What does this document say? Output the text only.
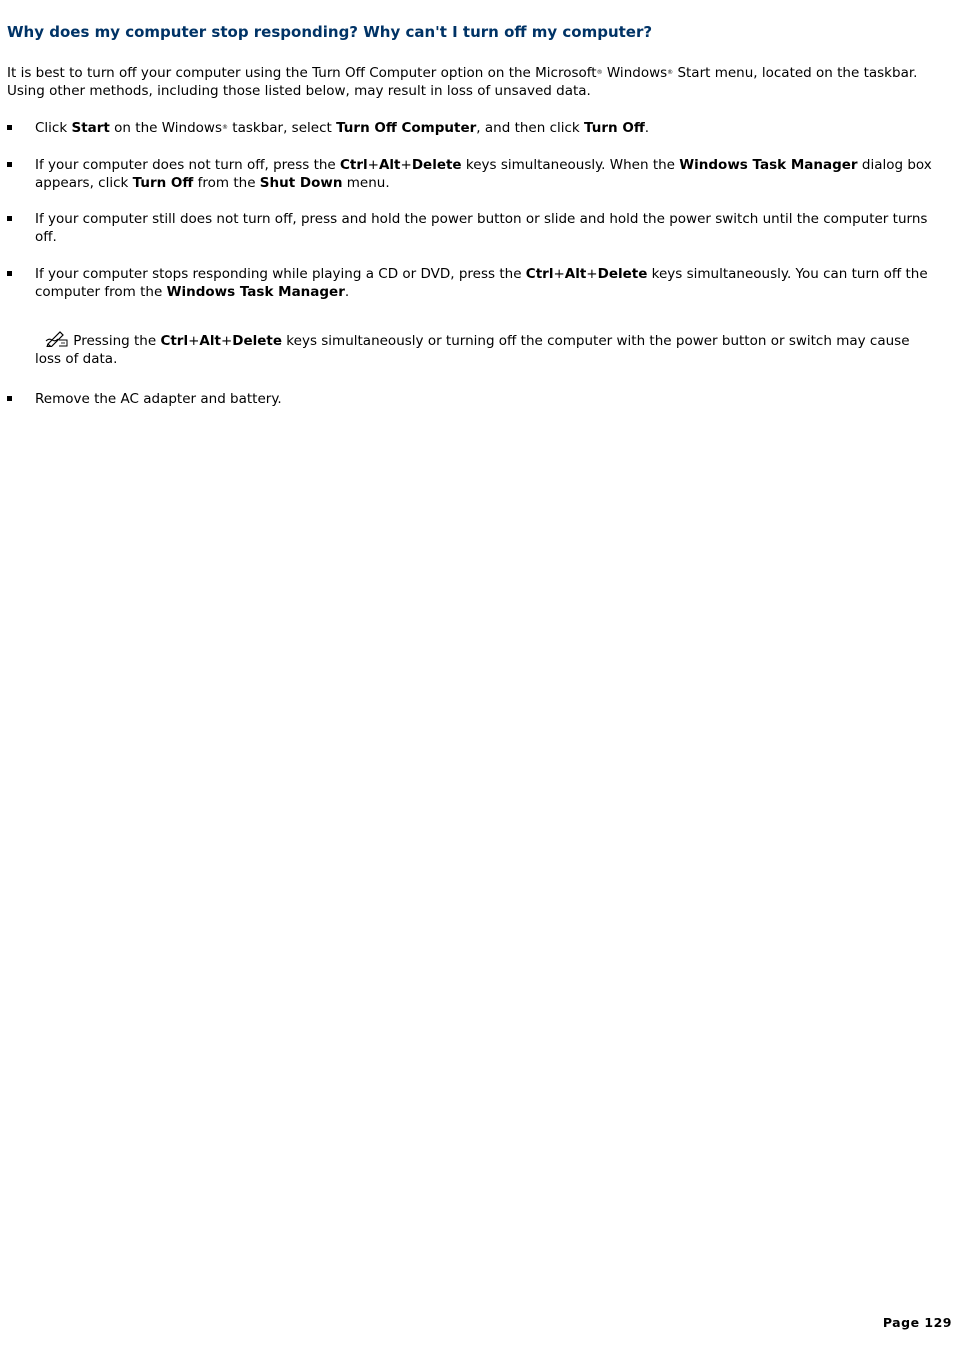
Why does my computer stop responding? Why can't I turn off my computer?

It is best to turn off your computer using the Turn Off Computer option on the Microsoft® Windows® Start menu, located on the taskbar. Using other methods, including those listed below, may result in loss of unsaved data.

Click Start on the Windows® taskbar, select Turn Off Computer, and then click Turn Off.
If your computer does not turn off, press the Ctrl+Alt+Delete keys simultaneously. When the Windows Task Manager dialog box appears, click Turn Off from the Shut Down menu.
If your computer still does not turn off, press and hold the power button or slide and hold the power switch until the computer turns off.
If your computer stops responding while playing a CD or DVD, press the Ctrl+Alt+Delete keys simultaneously. You can turn off the computer from the Windows Task Manager.
Pressing the Ctrl+Alt+Delete keys simultaneously or turning off the computer with the power button or switch may cause loss of data.
Remove the AC adapter and battery.
Page 129
